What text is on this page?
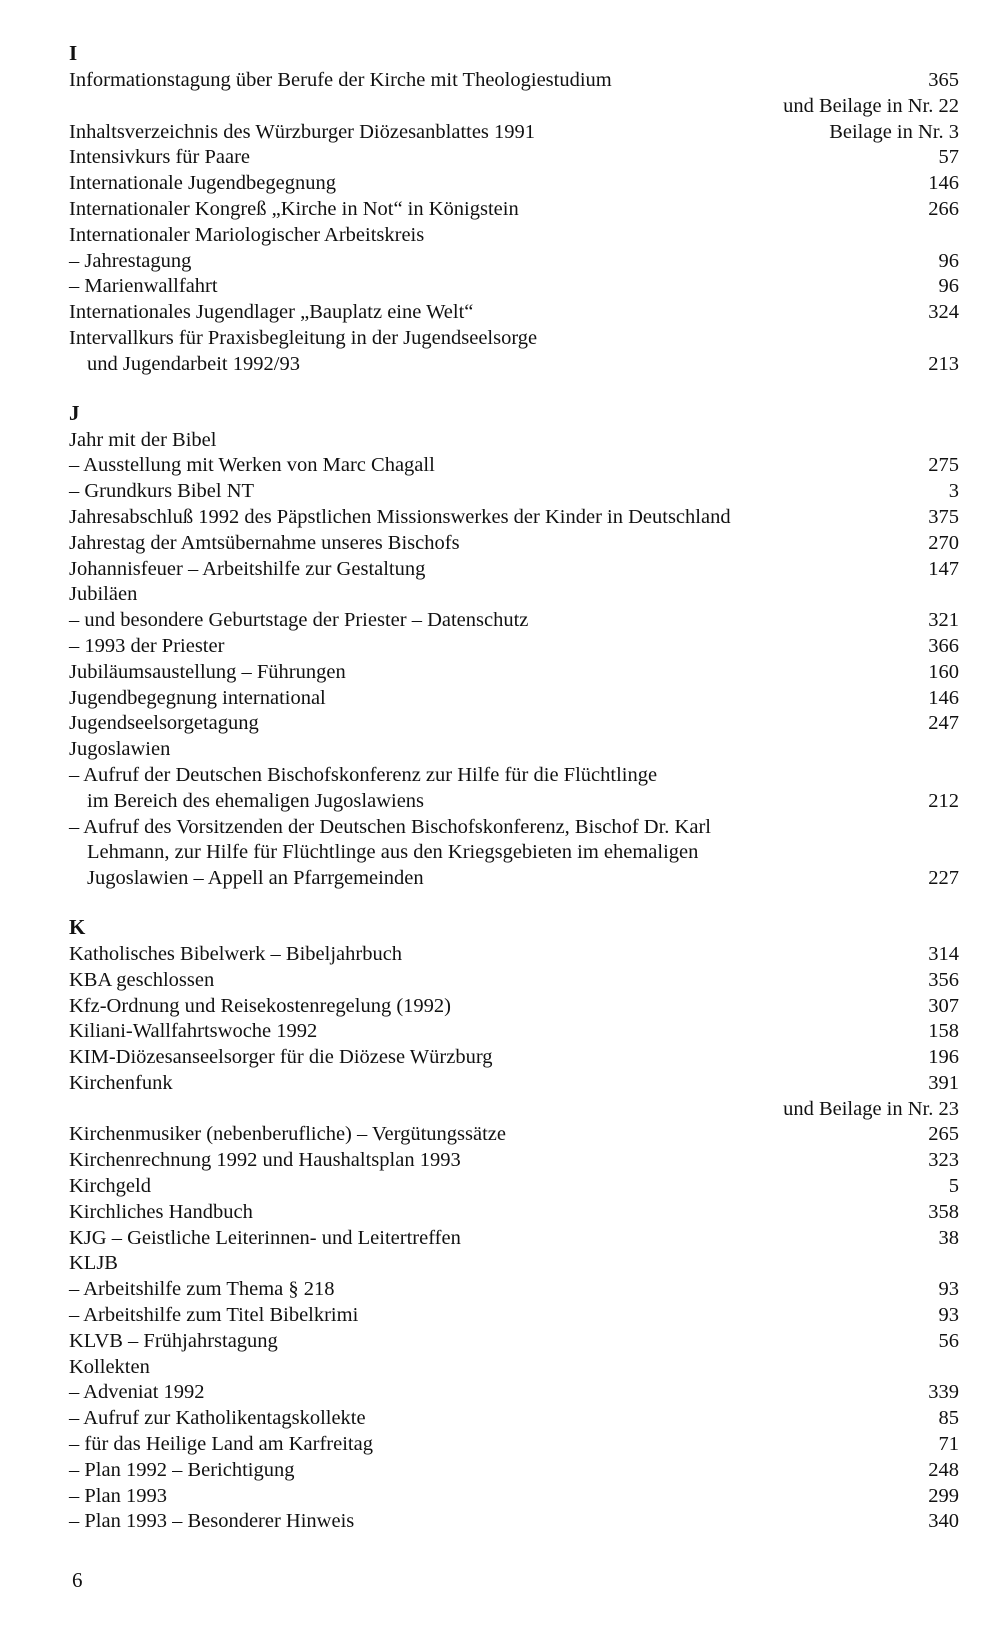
I
Informationstagung über Berufe der Kirche mit Theologiestudium	365
und Beilage in Nr. 22
Inhaltsverzeichnis des Würzburger Diözesanblattes 1991	Beilage in Nr. 3
Intensivkurs für Paare	57
Internationale Jugendbegegnung	146
Internationaler Kongreß „Kirche in Not“ in Königstein	266
Internationaler Mariologischer Arbeitskreis
– Jahrestagung	96
– Marienwallfahrt	96
Internationales Jugendlager „Bauplatz eine Welt“	324
Intervallkurs für Praxisbegleitung in der Jugendseelsorge
und Jugendarbeit 1992/93	213
J
Jahr mit der Bibel
– Ausstellung mit Werken von Marc Chagall	275
– Grundkurs Bibel NT	3
Jahresabschluß 1992 des Päpstlichen Missionswerkes der Kinder in Deutschland	375
Jahrestag der Amtsübernahme unseres Bischofs	270
Johannisfeuer – Arbeitshilfe zur Gestaltung	147
Jubiläen
– und besondere Geburtstage der Priester – Datenschutz	321
– 1993 der Priester	366
Jubiläumsaustellung – Führungen	160
Jugendbegegnung international	146
Jugendseelsorgetagung	247
Jugoslawien
– Aufruf der Deutschen Bischofskonferenz zur Hilfe für die Flüchtlinge
im Bereich des ehemaligen Jugoslawiens	212
– Aufruf des Vorsitzenden der Deutschen Bischofskonferenz, Bischof Dr. Karl
Lehmann, zur Hilfe für Flüchtlinge aus den Kriegsgebieten im ehemaligen
Jugoslawien – Appell an Pfarrgemeinden	227
K
Katholisches Bibelwerk – Bibeljahrbuch	314
KBA geschlossen	356
Kfz-Ordnung und Reisekostenregelung (1992)	307
Kiliani-Wallfahrtswoche 1992	158
KIM-Diözesanseelsorger für die Diözese Würzburg	196
Kirchenfunk	391
und Beilage in Nr. 23
Kirchenmusiker (nebenberufliche) – Vergütungssätze	265
Kirchenrechnung 1992 und Haushaltsplan 1993	323
Kirchgeld	5
Kirchliches Handbuch	358
KJG – Geistliche Leiterinnen- und Leitertreffen	38
KLJB
– Arbeitshilfe zum Thema § 218	93
– Arbeitshilfe zum Titel Bibelkrimi	93
KLVB – Frühjahrstagung	56
Kollekten
– Adveniat 1992	339
– Aufruf zur Katholikentagskollekte	85
– für das Heilige Land am Karfreitag	71
– Plan 1992 – Berichtigung	248
– Plan 1993	299
– Plan 1993 – Besonderer Hinweis	340
6
